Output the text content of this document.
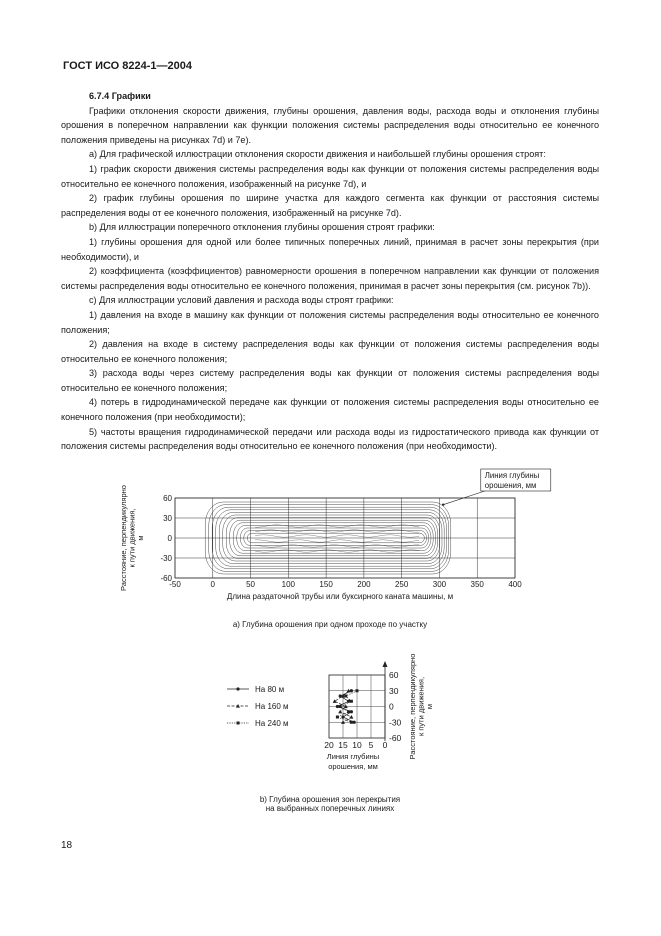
ГОСТ ИСО 8224-1—2004

6.7.4 Графики

Графики отклонения скорости движения, глубины орошения, давления воды, расхода воды и отклонения глубины орошения в поперечном направлении как функции положения системы распределения воды относительно ее конечного положения приведены на рисунках 7d) и 7e).

а) Для графической иллюстрации отклонения скорости движения и наибольшей глубины орошения строят:

1) график скорости движения системы распределения воды как функции от положения системы распределения воды относительно ее конечного положения, изображенный на рисунке 7d), и

2) график глубины орошения по ширине участка для каждого сегмента как функции от расстояния системы распределения воды от ее конечного положения, изображенный на рисунке 7d).

b) Для иллюстрации поперечного отклонения глубины орошения строят графики:

1) глубины орошения для одной или более типичных поперечных линий, принимая в расчет зоны перекрытия (при необходимости), и

2) коэффициента (коэффициентов) равномерности орошения в поперечном направлении как функции от положения системы распределения воды относительно ее конечного положения, принимая в расчет зоны перекрытия (см. рисунок 7b)).

с) Для иллюстрации условий давления и расхода воды строят графики:

1) давления на входе в машину как функции от положения системы распределения воды относительно ее конечного положения;

2) давления на входе в систему распределения воды как функции от положения системы распределения воды относительно ее конечного положения;

3) расхода воды через систему распределения воды как функции от положения системы распределения воды относительно ее конечного положения;

4) потерь в гидродинамической передаче как функции от положения системы распределения воды относительно ее конечного положения (при необходимости);

5) частоты вращения гидродинамической передачи или расхода воды из гидростатического привода как функции от положения системы распределения воды относительно ее конечного положения (при необходимости).

-50	0	50	100	150	200	250	300	350	400
60
30
0
-30
-60
Расстояние, перпендикулярнок пути движения,м
Длина раздаточной трубы или буксирного каната машины, м
Линия глубины
орошения, мм
а) Глубина орошения при одном проходе по участку
На 80 м
На 160 м
На 240 м
20 15 10 5 0
60
30
0
-30
-60
Линия глубины
орошения, мм
Расстояние, перпендикулярнок пути движения,м
b) Глубина орошения зон перекрытия
на выбранных поперечных линиях
18
